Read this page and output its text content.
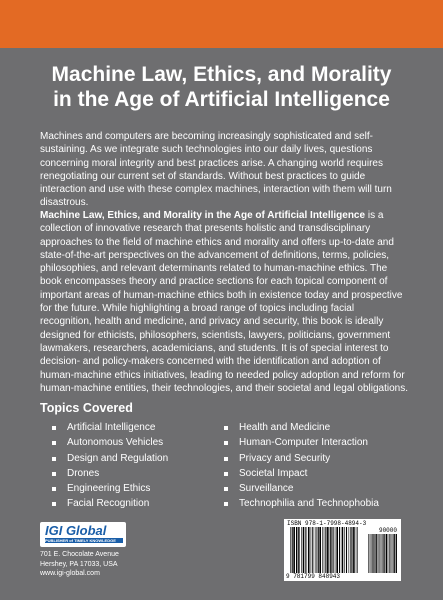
Machine Law, Ethics, and Morality
in the Age of Artificial Intelligence

Machines and computers are becoming increasingly sophisticated and self-sustaining. As we integrate such technologies into our daily lives, questions concerning moral integrity and best practices arise. A changing world requires renegotiating our current set of standards. Without best practices to guide interaction and use with these complex machines, interaction with them will turn disastrous.

Machine Law, Ethics, and Morality in the Age of Artificial Intelligence is a collection of innovative research that presents holistic and transdisciplinary approaches to the field of machine ethics and morality and offers up-to-date and state-of-the-art perspectives on the advancement of definitions, terms, policies, philosophies, and relevant determinants related to human-machine ethics. The book encompasses theory and practice sections for each topical component of important areas of human-machine ethics both in existence today and prospective for the future. While highlighting a broad range of topics including facial recognition, health and medicine, and privacy and security, this book is ideally designed for ethicists, philosophers, scientists, lawyers, politicians, government lawmakers, researchers, academicians, and students. It is of special interest to decision- and policy-makers concerned with the identification and adoption of human-machine ethics initiatives, leading to needed policy adoption and reform for human-machine entities, their technologies, and their societal and legal obligations.

Topics Covered
Artificial Intelligence
Autonomous Vehicles
Design and Regulation
Drones
Engineering Ethics
Facial Recognition
Health and Medicine
Human-Computer Interaction
Privacy and Security
Societal Impact
Surveillance
Technophilia and Technophobia
IGI Global
PUBLISHER of TIMELY KNOWLEDGE

701 E. Chocolate Avenue
Hershey, PA 17033, USA
www.igi-global.com

ISBN 978-1-7998-4894-3
90000
9 781799 848943
